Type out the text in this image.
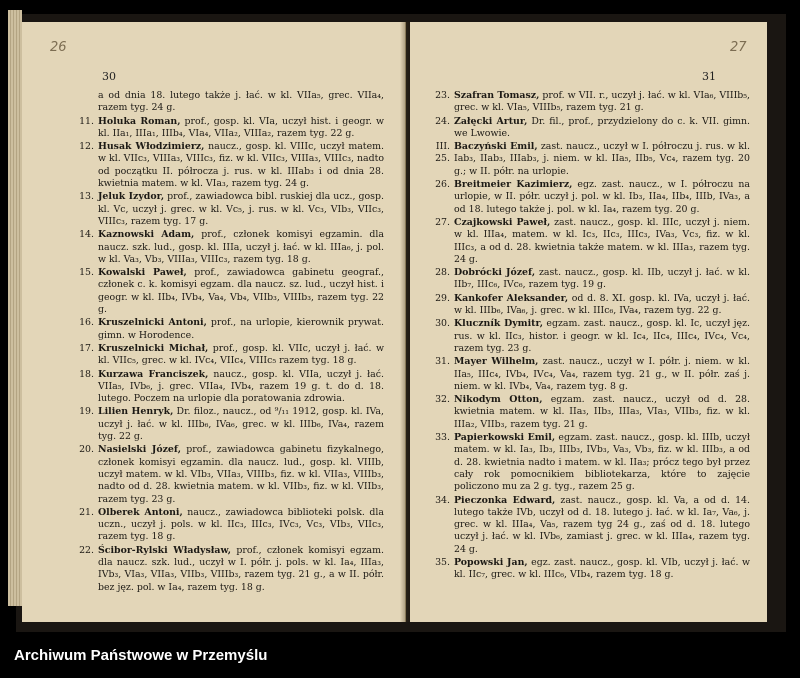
26
30
a od dnia 18. lutego także j. łać. w kl. VIIa₅, grec. VIIa₄, razem tyg. 24 g.
11. Holuka Roman, prof., gosp. kl. VIa, uczył hist. i geogr. w kl. IIa₁, IIIa₁, IIIb₄, VIa₄, VIIa₂, VIIIa₂, razem tyg. 22 g.
12. Husak Włodzimierz, naucz., gosp. kl. VIIIc, uczył matem. w kl. VIIc₃, VIIIa₃, VIIIc₃, fiz. w kl. VIIc₃, VIIIa₃, VIIIc₃, nadto od początku II. półrocza j. rus. w kl. IIIab₃ i od dnia 28. kwietnia matem. w kl. VIa₃, razem tyg. 24 g.
13. Jeluk Izydor, prof., zawiadowca bibl. ruskiej dla ucz., gosp. kl. Vc, uczył j. grec. w kl. Vc₅, j. rus. w kl. Vc₃, VIb₃, VIIc₃, VIIIc₃, razem tyg. 17 g.
14. Kaznowski Adam, prof., członek komisyi egzamin. dla naucz. szk. lud., gosp. kl. IIIa, uczył j. łać. w kl. IIIa₆, j. pol. w kl. Va₃, Vb₃, VIIIa₃, VIIIc₃, razem tyg. 18 g.
15. Kowalski Paweł, prof., zawiadowca gabinetu geograf., członek c. k. komisyi egzam. dla naucz. sz. lud., uczył hist. i geogr. w kl. IIb₄, IVb₄, Va₄, Vb₄, VIIb₃, VIIIb₃, razem tyg. 22 g.
16. Kruszelnicki Antoni, prof., na urlopie, kierownik prywat. gimn. w Horodence.
17. Kruszelnicki Michał, prof., gosp. kl. VIIc, uczył j. łać. w kl. VIIc₅, grec. w kl. IVc₄, VIIc₄, VIIIc₅ razem tyg. 18 g.
18. Kurzawa Franciszek, naucz., gosp. kl. VIIa, uczył j. łać. VIIa₅, IVb₆, j. grec. VIIa₄, IVb₄, razem 19 g. t. do d. 18. lutego. Poczem na urlopie dla poratowania zdrowia.
19. Lilien Henryk, Dr. filoz., naucz., od ⁹/₁₁ 1912, gosp. kl. IVa, uczył j. łać. w kl. IIIb₆, IVa₆, grec. w kl. IIIb₆, IVa₄, razem tyg. 22 g.
20. Nasielski Józef, prof., zawiadowca gabinetu fizykalnego, członek komisyi egzamin. dla naucz. lud., gosp. kl. VIIIb, uczył matem. w kl. VIb₃, VIIa₃, VIIIb₃, fiz. w kl. VIIa₃, VIIIb₃, nadto od d. 28. kwietnia matem. w kl. VIIb₃, fiz. w kl. VIIb₃, razem tyg. 23 g.
21. Olberek Antoni, naucz., zawiadowca biblioteki polsk. dla uczn., uczył j. pols. w kl. IIc₃, IIIc₃, IVc₃, Vc₃, VIb₃, VIIc₃, razem tyg. 18 g.
22. Ścibor-Rylski Władysław, prof., członek komisyi egzam. dla naucz. szk. lud., uczył w I. półr. j. pols. w kl. Ia₄, IIIa₃, IVb₃, VIa₃, VIIa₃, VIIb₃, VIIIb₃, razem tyg. 21 g., a w II. półr. bez jęz. pol. w Ia₄, razem tyg. 18 g.
27
31
23. Szafran Tomasz, prof. w VII. r., uczył j. łać. w kl. VIa₆, VIIIb₅, grec. w kl. VIa₅, VIIIb₅, razem tyg. 21 g.
24. Załęcki Artur, Dr. fil., prof., przydzielony do c. k. VII. gimn. we Lwowie.
III. 25.
Baczyński Emil, zast. naucz., uczył w I. półroczu j. rus. w kl. Iab₃, IIab₃, IIIab₃, j. niem. w kl. IIa₅, IIb₅, Vc₄, razem tyg. 20 g.; w II. półr. na urlopie.
26. Breitmeier Kazimierz, egz. zast. naucz., w I. półroczu na urlopie, w II. półr. uczył j. pol. w kl. Ib₃, IIa₄, IIb₄, IIIb, IVa₃, a od 18. lutego także j. pol. w kl. Ia₄, razem tyg. 20 g.
27. Czajkowski Paweł, zast. naucz., gosp. kl. IIIc, uczył j. niem. w kl. IIIa₄, matem. w kl. Ic₃, IIc₃, IIIc₃, IVa₃, Vc₃, fiz. w kl. IIIc₃, a od d. 28. kwietnia także matem. w kl. IIIa₃, razem tyg. 24 g.
28. Dobrócki Józef, zast. naucz., gosp. kl. IIb, uczył j. łać. w kl. IIb₇, IIIc₆, IVc₆, razem tyg. 19 g.
29. Kankofer Aleksander, od d. 8. XI. gosp. kl. IVa, uczył j. łać. w kl. IIIb₆, IVa₆, j. grec. w kl. IIIc₆, IVa₄, razem tyg. 22 g.
30. Kluczník Dymitr, egzam. zast. naucz., gosp. kl. Ic, uczył jęz. rus. w kl. IIc₃, histor. i geogr. w kl. Ic₄, IIc₄, IIIc₄, IVc₄, Vc₄, razem tyg. 23 g.
31. Mayer Wilhelm, zast. naucz., uczył w I. półr. j. niem. w kl. IIa₅, IIIc₄, IVb₄, IVc₄, Va₄, razem tyg. 21 g., w II. półr. zaś j. niem. w kl. IVb₄, Va₄, razem tyg. 8 g.
32. Nikodym Otton, egzam. zast. naucz., uczył od d. 28. kwietnia matem. w kl. IIa₃, IIb₃, IIIa₃, VIa₃, VIIb₃, fiz. w kl. IIIa₂, VIIb₃, razem tyg. 21 g.
33. Papierkowski Emil, egzam. zast. naucz., gosp. kl. IIIb, uczył matem. w kl. Ia₃, Ib₃, IIIb₃, IVb₃, Va₃, Vb₃, fiz. w kl. IIIb₃, a od d. 28. kwietnia nadto i matem. w kl. IIa₃; prócz tego był przez cały rok pomocnikiem bibliotekarza, które to zajęcie policzono mu za 2 g. tyg., razem 25 g.
34. Pieczonka Edward, zast. naucz., gosp. kl. Va, a od d. 14. lutego także IVb, uczył od d. 18. lutego j. łać. w kl. Ia₇, Va₆, j. grec. w kl. IIIa₄, Va₅, razem tyg 24 g., zaś od d. 18. lutego uczył j. łać. w kl. IVb₆, zamiast j. grec. w kl. IIIa₄, razem tyg. 24 g.
35. Popowski Jan, egz. zast. naucz., gosp. kl. VIb, uczył j. łać. w kl. IIc₇, grec. w kl. IIIc₆, VIb₄, razem tyg. 18 g.
Archiwum Państwowe w Przemyślu
